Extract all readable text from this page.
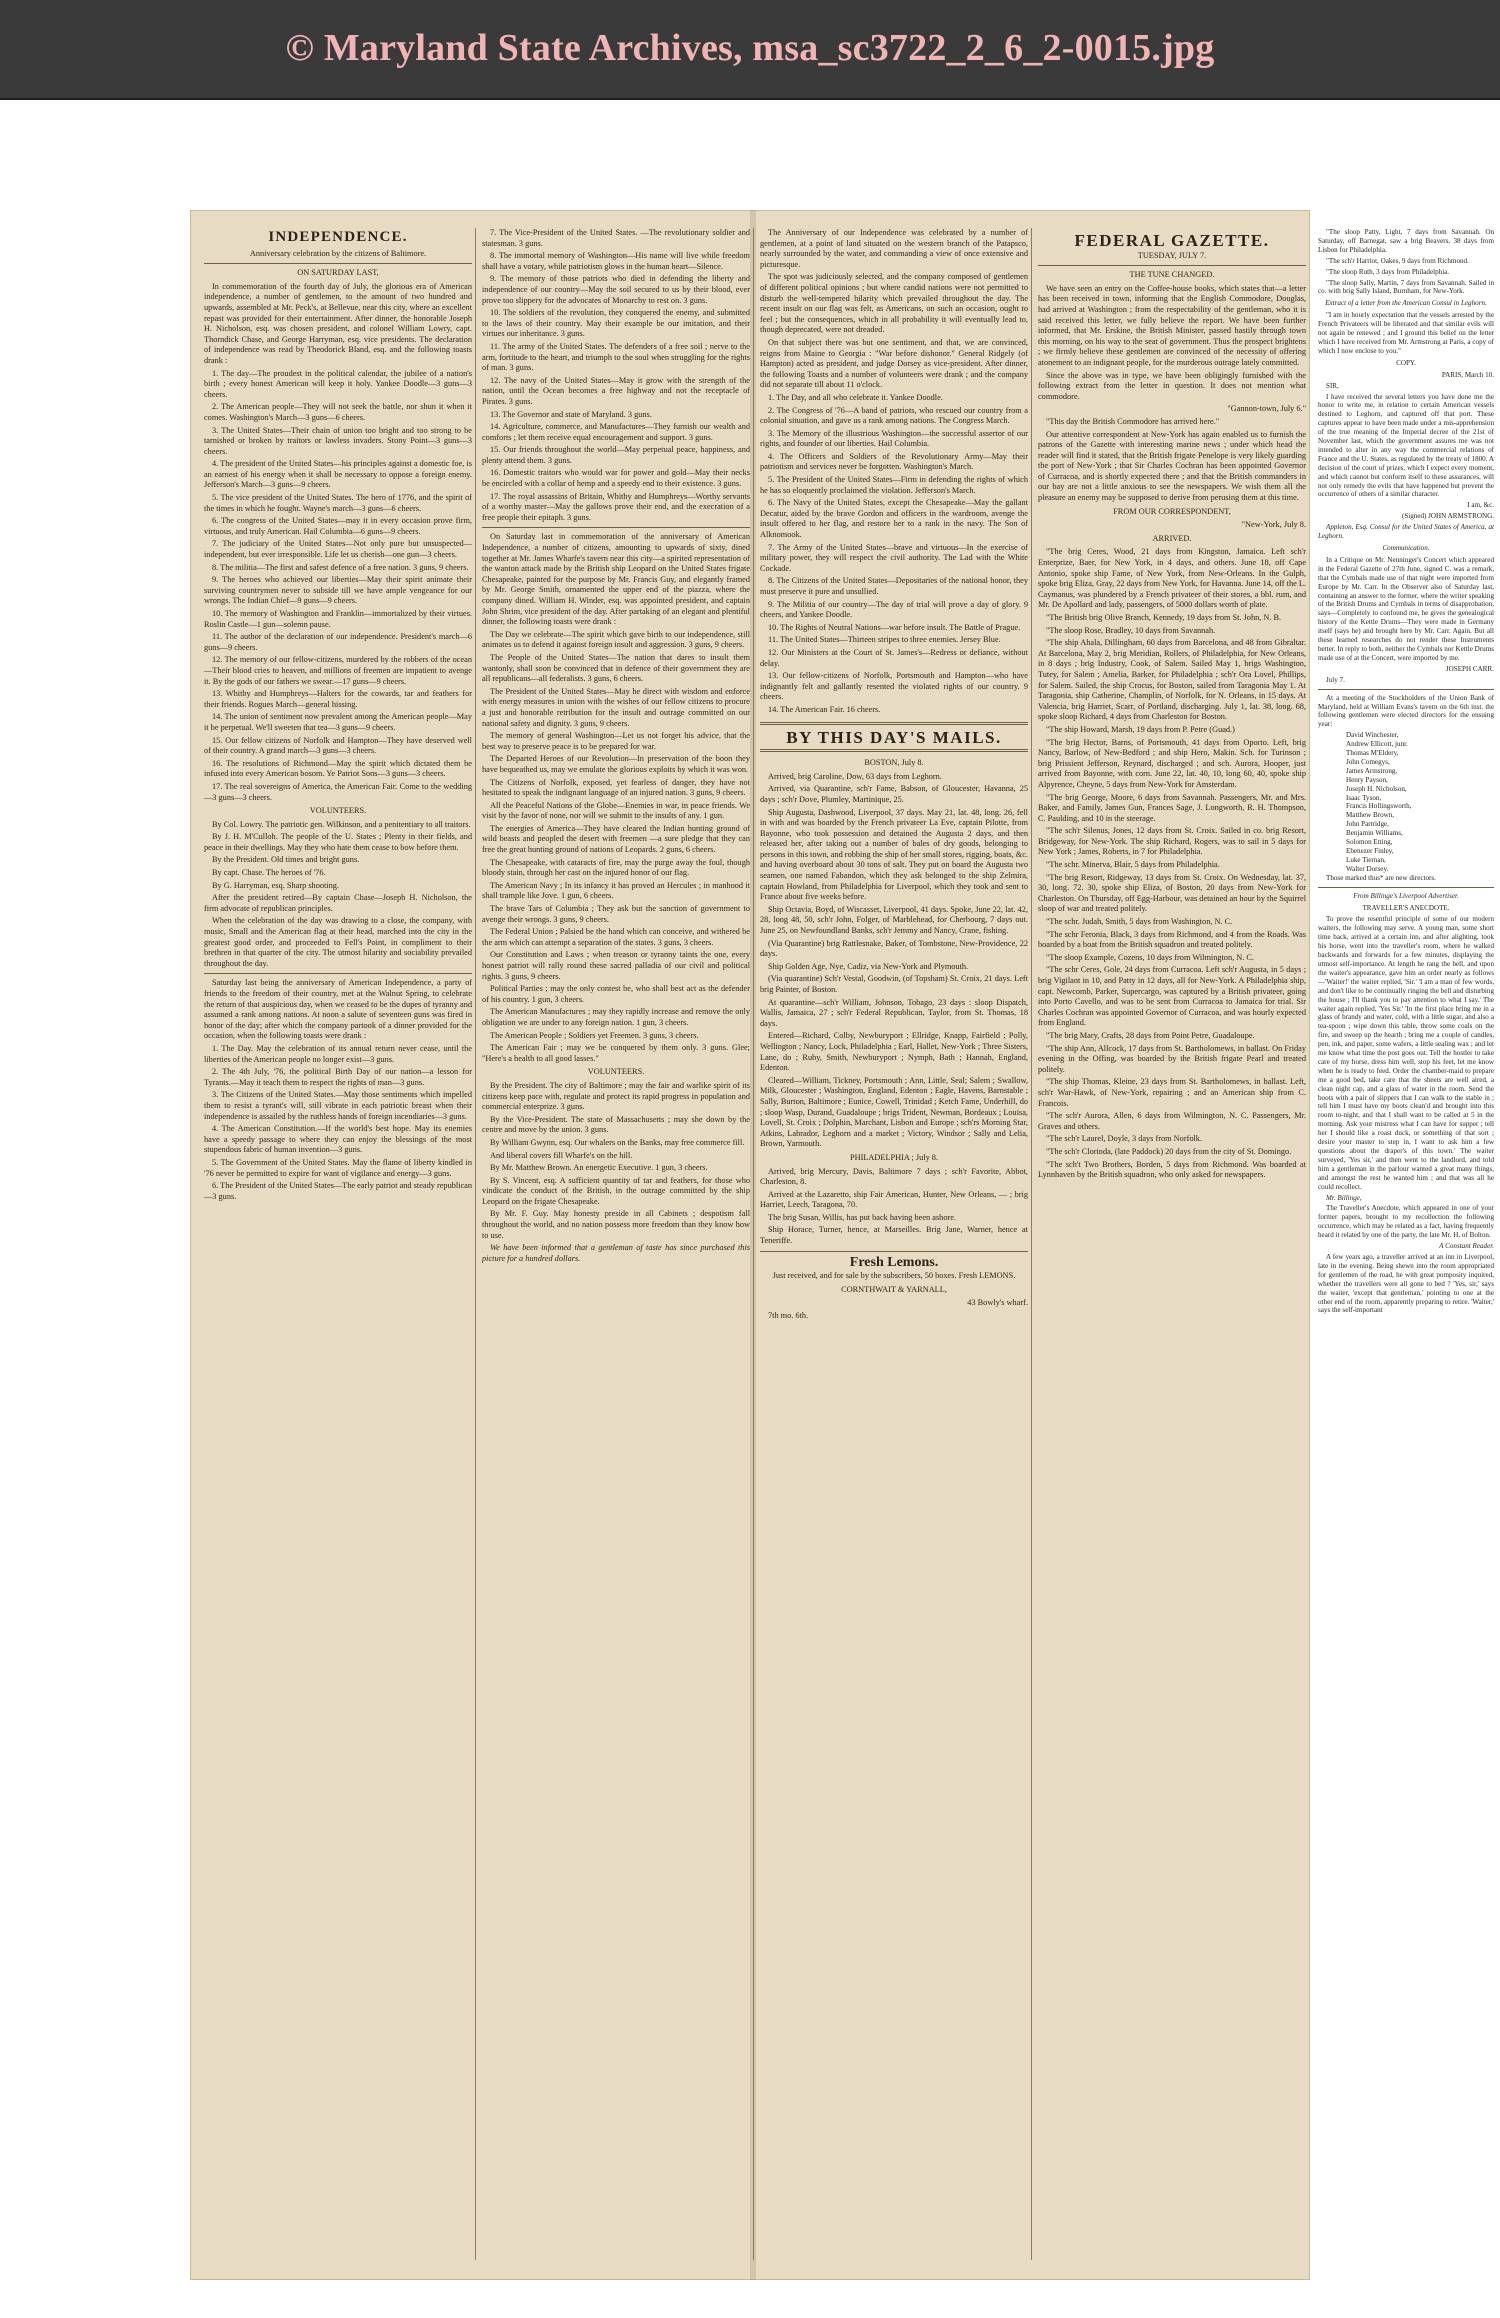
© Maryland State Archives, msa_sc3722_2_6_2-0015.jpg
INDEPENDENCE.

Anniversary celebration by the citizens of Baltimore.

ON SATURDAY LAST,

In commemoration of the fourth day of July, the glorious era of American independence, a number of gentlemen, to the amount of two hundred and upwards, assembled at Mr. Peck's, at Bellevue, near this city, where an excellent repast was provided for their entertainment. After dinner, the honorable Joseph H. Nicholson, esq. was chosen president, and colonel William Lowry, capt. Thorndick Chase, and George Harryman, esq. vice presidents. The declaration of independence was read by Theodorick Bland, esq. and the following toasts drank :

1. The day—The proudest in the political calendar, the jubilee of a nation's birth ; every honest American will keep it holy. Yankee Doodle—3 guns—3 cheers.

2. The American people—They will not seek the battle, nor shun it when it comes. Washington's March—3 guns—6 cheers.

3. The United States—Their chain of union too bright and too strong to be tarnished or broken by traitors or lawless invaders. Stony Point—3 guns—3 cheers.

4. The president of the United States—his principles against a domestic foe, is an earnest of his energy when it shall be necessary to oppose a foreign enemy. Jefferson's March—3 guns—9 cheers.

5. The vice president of the United States. The hero of 1776, and the spirit of the times in which he fought. Wayne's march—3 guns—6 cheers.

6. The congress of the United States—may it in every occasion prove firm, virtuous, and truly American. Hail Columbia—6 guns—9 cheers.

7. The judiciary of the United States—Not only pure but unsuspected—independent, but ever irresponsible. Life let us cherish—one gun—3 cheers.

8. The militia—The first and safest defence of a free nation. 3 guns, 9 cheers.

9. The heroes who achieved our liberties—May their spirit animate their surviving countrymen never to subside till we have ample vengeance for our wrongs. The Indian Chief—9 guns—9 cheers.

10. The memory of Washington and Franklin—immortalized by their virtues. Roslin Castle—1 gun—solemn pause.

11. The author of the declaration of our independence. President's march—6 guns—9 cheers.

12. The memory of our fellow-citizens, murdered by the robbers of the ocean—Their blood cries to heaven, and millions of freemen are impatient to avenge it. By the gods of our fathers we swear.—17 guns—9 cheers.

13. Whitby and Humphreys—Halters for the cowards, tar and feathers for their friends. Rogues March—general hissing.

14. The union of sentiment now prevalent among the American people—May it be perpetual. We'll sweeten that tea—3 guns—9 cheers.

15. Our fellow citizens of Norfolk and Hampton—They have deserved well of their country. A grand march—3 guns—3 cheers.

16. The resolutions of Richmond—May the spirit which dictated them be infused into every American bosom. Ye Patriot Sons—3 guns—3 cheers.

17. The real sovereigns of America, the American Fair. Come to the wedding—3 guns—3 cheers.

VOLUNTEERS.

By Col. Lowry. The patriotic gen. Wilkinson, and a penitentiary to all traitors.

By J. H. M'Culloh. The people of the U. States ; Plenty in their fields, and peace in their dwellings. May they who hate them cease to bow before them.

By the President. Old times and bright guns.

By capt. Chase. The heroes of '76.

By G. Harryman, esq. Sharp shooting.

After the president retired—By captain Chase—Joseph H. Nicholson, the firm advocate of republican principles.

When the celebration of the day was drawing to a close, the company, with music, Small and the American flag at their head, marched into the city in the greatest good order, and proceeded to Fell's Point, in compliment to their brethren in that quarter of the city. The utmost hilarity and sociability prevailed throughout the day.

Saturday last being the anniversary of American Independence, a party of friends to the freedom of their country, met at the Walnut Spring, to celebrate the return of that auspicious day, when we ceased to be the dupes of tyranny and assumed a rank among nations. At noon a salute of seventeen guns was fired in honor of the day; after which the company partook of a dinner provided for the occasion, when the following toasts were drank :

1. The Day. May the celebration of its annual return never cease, until the liberties of the American people no longer exist—3 guns.

2. The 4th July, '76, the political Birth Day of our nation—a lesson for Tyrants.—May it teach them to respect the rights of man—3 guns.

3. The Citizens of the United States.—May those sentiments which impelled them to resist a tyrant's will, still vibrate in each patriotic breast when their independence is assailed by the ruthless hands of foreign incendiaries—3 guns.

4. The American Constitution.—If the world's best hope. May its enemies have a speedy passage to where they can enjoy the blessings of the most stupendous fabric of human invention—3 guns.

5. The Government of the United States. May the flame of liberty kindled in '76 never be permitted to expire for want of vigilance and energy—3 guns.

6. The President of the United States—The early patriot and steady republican—3 guns.

7. The Vice-President of the United States. —The revolutionary soldier and statesman. 3 guns.

8. The immortal memory of Washington—His name will live while freedom shall have a votary, while patriotism glows in the human heart—Silence.

9. The memory of those patriots who died in defending the liberty and independence of our country—May the soil secured to us by their blood, ever prove too slippery for the advocates of Monarchy to rest on. 3 guns.

10. The soldiers of the revolution, they conquered the enemy, and submitted to the laws of their country. May their example be our imitation, and their virtues our inheritance. 3 guns.

11. The army of the United States. The defenders of a free soil ; nerve to the arm, fortitude to the heart, and triumph to the soul when struggling for the rights of man. 3 guns.

12. The navy of the United States—May it grow with the strength of the nation, until the Ocean becomes a free highway and not the receptacle of Pirates. 3 guns.

13. The Governor and state of Maryland. 3 guns.

14. Agriculture, commerce, and Manufactures—They furnish our wealth and comforts ; let them receive equal encouragement and support. 3 guns.

15. Our friends throughout the world—May perpetual peace, happiness, and plenty attend them. 3 guns.

16. Domestic traitors who would war for power and gold—May their necks be encircled with a collar of hemp and a speedy end to their existence. 3 guns.

17. The royal assassins of Britain, Whitby and Humphreys—Worthy servants of a worthy master—May the gallows prove their end, and the execration of a free people their epitaph. 3 guns.

On Saturday last in commemoration of the anniversary of American Independence, a number of citizens, amounting to upwards of sixty, dined together at Mr. James Wharfe's tavern near this city—a spirited representation of the wanton attack made by the British ship Leopard on the United States frigate Chesapeake, painted for the purpose by Mr. Francis Guy, and elegantly framed by Mr. George Smith, ornamented the upper end of the piazza, where the company dined. William H. Winder, esq. was appointed president, and captain John Shrim, vice president of the day. After partaking of an elegant and plentiful dinner, the following toasts were drank :

The Day we celebrate—The spirit which gave birth to our independence, still animates us to defend it against foreign insult and aggression. 3 guns, 9 cheers.

The People of the United States—The nation that dares to insult them wantonly, shall soon be convinced that in defence of their government they are all republicans—all federalists. 3 guns, 6 cheers.

The President of the United States—May he direct with wisdom and enforce with energy measures in union with the wishes of our fellow citizens to procure a just and honorable retribution for the insult and outrage committed on our national safety and dignity. 3 guns, 9 cheers.

The memory of general Washington—Let us not forget his advice, that the best way to preserve peace is to be prepared for war.

The Departed Heroes of our Revolution—In preservation of the boon they have bequeathed us, may we emulate the glorious exploits by which it was won.

The Citizens of Norfolk, exposed, yet fearless of danger, they have not hesitated to speak the indignant language of an injured nation. 3 guns, 9 cheers.

All the Peaceful Nations of the Globe—Enemies in war, in peace friends. We visit by the favor of none, nor will we submit to the insults of any. 1 gun.

The energies of America—They have cleared the Indian hunting ground of wild beasts and peopled the desert with freemen —a sure pledge that they can free the great hunting ground of nations of Leopards. 2 guns, 6 cheers.

The Chesapeake, with cataracts of fire, may the purge away the foul, though bloody stain, through her cast on the injured honor of our flag.

The American Navy ; In its infancy it has proved an Hercules ; in manhood it shall trample like Jove. 1 gun, 6 cheers.

The brave Tars of Columbia ; They ask but the sanction of government to avenge their wrongs. 3 guns, 9 cheers.

The Federal Union ; Palsied be the hand which can conceive, and withered be the arm which can attempt a separation of the states. 3 guns, 3 cheers.

Our Constitution and Laws ; when treason or tyranny taints the one, every honest patriot will rally round these sacred palladia of our civil and political rights. 3 guns, 9 cheers.

Political Parties ; may the only contest be, who shall best act as the defender of his country. 1 gun, 3 cheers.

The American Manufactures ; may they rapidly increase and remove the only obligation we are under to any foreign nation. 1 gun, 3 cheers.

The American People ; Soldiers yet Freemen. 3 guns, 3 cheers.

The American Fair ; may we be conquered by them only. 3 guns. Glee; "Here's a health to all good lasses."

VOLUNTEERS.

By the President. The city of Baltimore ; may the fair and warlike spirit of its citizens keep pace with, regulate and protect its rapid progress in population and commercial enterprize. 3 guns.

By the Vice-President. The state of Massachusetts ; may she down by the centre and move by the union. 3 guns.

By William Gwynn, esq. Our whalers on the Banks, may free commerce fill.

And liberal covers fill Wharfe's on the hill.

By Mr. Matthew Brown. An energetic Executive. 1 gun, 3 cheers.

By S. Vincent, esq. A sufficient quantity of tar and feathers, for those who vindicate the conduct of the British, in the outrage committed by the ship Leopard on the frigate Chesapeake.

By Mr. F. Guy. May honesty preside in all Cabinets ; despotism fall throughout the world, and no nation possess more freedom than they know how to use.

We have been informed that a gentleman of taste has since purchased this picture for a hundred dollars.

The Anniversary of our Independence was celebrated by a number of gentlemen, at a point of land situated on the western branch of the Patapsco, nearly surrounded by the water, and commanding a view of once extensive and picturesque.

The spot was judiciously selected, and the company composed of gentlemen of different political opinions ; but where candid nations were not permitted to disturb the well-tempered hilarity which prevailed throughout the day. The recent insult on our flag was felt, as Americans, on such an occasion, ought to feel ; but the consequences, which in all probability it will eventually lead to, though deprecated, were not dreaded.

On that subject there was but one sentiment, and that, we are convinced, reigns from Maine to Georgia : "War before dishonor." General Ridgely (of Hampton) acted as president, and judge Dorsey as vice-president. After dinner, the following Toasts and a number of volunteers were drank ; and the company did not separate till about 11 o'clock.

1. The Day, and all who celebrate it. Yankee Doodle.

2. The Congress of '76—A band of patriots, who rescued our country from a colonial situation, and gave us a rank among nations. The Congress March.

3. The Memory of the illustrious Washington—the successful assertor of our rights, and founder of our liberties. Hail Columbia.

4. The Officers and Soldiers of the Revolutionary Army—May their patriotism and services never be forgotten. Washington's March.

5. The President of the United States—Firm in defending the rights of which he has so eloquently proclaimed the violation. Jefferson's March.

6. The Navy of the United States, except the Chesapeake—May the gallant Decatur, aided by the brave Gordon and officers in the wardroom, avenge the insult offered to her flag, and restore her to a rank in the navy. The Son of Alknomook.

7. The Army of the United States—brave and virtuous—In the exercise of military power, they will respect the civil authority. The Lad with the White Cockade.

8. The Citizens of the United States—Depositaries of the national honor, they must preserve it pure and unsullied.

9. The Militia of our country—The day of trial will prove a day of glory. 9 cheers, and Yankee Doodle.

10. The Rights of Neutral Nations—war before insult. The Battle of Prague.

11. The United States—Thirteen stripes to three enemies. Jersey Blue.

12. Our Ministers at the Court of St. James's—Redress or defiance, without delay.

13. Our fellow-citizens of Norfolk, Portsmouth and Hampton—who have indignantly felt and gallantly resented the violated rights of our country. 9 cheers.

14. The American Fair. 16 cheers.

BY THIS DAY'S MAILS.

BOSTON, July 8.

Arrived, brig Caroline, Dow, 63 days from Leghorn.

Arrived, via Quarantine, sch'r Fame, Babson, of Gloucester, Havanna, 25 days ; sch'r Dove, Plumley, Martinique, 25.

Ship Augusta, Dashwood, Liverpool, 37 days. May 21, lat. 48, long. 26, fell in with and was boarded by the French privateer La Eve, captain Pilotte, from Bayonne, who took possession and detained the Augusta 2 days, and then released her, after taking out a number of bales of dry goods, belonging to persons in this town, and robbing the ship of her small stores, rigging, boats, &c. and having overboard about 30 tons of salt. They put on board the Augusta two seamen, one named Fabandon, which they ask belonged to the ship Zelmira, captain Howland, from Philadelphia for Liverpool, which they took and sent to France about five weeks before.

Ship Octavia, Boyd, of Wiscasset, Liverpool, 41 days. Spoke, June 22, lat. 42, 28, long 48, 50, sch'r John, Folger, of Marblehead, for Cherbourg, 7 days out. June 25, on Newfoundland Banks, sch'r Jemmy and Nancy, Crane, fishing.

(Via Quarantine) brig Rattlesnake, Baker, of Tombstone, New-Providence, 22 days.

Ship Golden Age, Nye, Cadiz, via New-York and Plymouth.

(Via quarantine) Sch'r Vestal, Goodwin, (of Topsham) St. Croix, 21 days. Left brig Painter, of Boston.

At quarantine—sch'r William, Johnson, Tobago, 23 days : sloop Dispatch, Wallis, Jamaica, 27 ; sch'r Federal Republican, Taylor, from St. Thomas, 18 days.

Entered—Richard, Colby, Newburyport ; Ellridge, Knapp, Fairfield ; Polly, Wellington ; Nancy, Lock, Philadelphia ; Earl, Hallet, New-York ; Three Sisters, Lane, do ; Ruby, Smith, Newburyport ; Nymph, Bath ; Hannah, England, Edenton.

Cleared—William, Tickney, Portsmouth ; Ann, Little, Seal; Salem ; Swallow, Milk, Gloucester ; Washington, England, Edenton ; Eagle, Havens, Barnstable ; Sally, Burton, Baltimore ; Eunice, Cowell, Trinidad ; Ketch Fame, Underhill, do ; sloop Wasp, Durand, Guadaloupe ; brigs Trident, Newman, Bordeaux ; Louisa, Lovell, St. Croix ; Dolphin, Marchant, Lisbon and Europe ; sch'rs Morning Star, Atkins, Labrador, Leghorn and a market ; Victory, Windsor ; Sally and Lelia, Brown, Yarmouth.

PHILADELPHIA ; July 8.

Arrived, brig Mercury, Davis, Baltimore 7 days ; sch'r Favorite, Abbot, Charleston, 8.

Arrived at the Lazaretto, ship Fair American, Hunter, New Orleans, — ; brig Harriet, Leech, Taragona, 70.

The brig Susan, Willis, has put back having been ashore.

Ship Horace, Turner, hence, at Marseilles. Brig Jane, Warner, hence at Teneriffe.

Fresh Lemons.

Just received, and for sale by the subscribers, 50 boxes. Fresh LEMONS.

CORNTHWAIT & YARNALL,

43 Bowly's wharf.

7th mo. 6th.

FEDERAL GAZETTE.

TUESDAY, JULY 7.

THE TUNE CHANGED.

We have seen an entry on the Coffee-house books, which states that—a letter has been received in town, informing that the English Commodore, Douglas, had arrived at Washington ; from the respectability of the gentleman, who it is said received this letter, we fully believe the report. We have been further informed, that Mr. Erskine, the British Minister, passed hastily through town this morning, on his way to the seat of government. Thus the prospect brightens ; we firmly believe these gentlemen are convinced of the necessity of offering atonement to an indignant people, for the murderous outrage lately committed.

Since the above was in type, we have been obligingly furnished with the following extract from the letter in question. It does not mention what commodore.

"Gannon-town, July 6."

"This day the British Commodore has arrived here."

Our attentive correspondent at New-York has again enabled us to furnish the patrons of the Gazette with interesting marine news ; under which head the reader will find it stated, that the British frigate Penelope is very likely guarding the port of New-York ; that Sir Charles Cochran has been appointed Governor of Curracoa, and is shortly expected there ; and that the British commanders in our bay are not a little anxious to see the newspapers. We wish them all the pleasure an enemy may be supposed to derive from perusing them at this time.

FROM OUR CORRESPONDENT,

"New-York, July 8.

ARRIVED.

"The brig Ceres, Wood, 21 days from Kingston, Jamaica. Left sch'r Enterprize, Baer, for New York, in 4 days, and others. June 18, off Cape Antonio, spoke ship Fame, of New York, from New-Orleans. In the Gulph, spoke brig Eliza, Gray, 22 days from New York, for Havanna. June 14, off the L. Caymanus, was plundered by a French privateer of their stores, a bbl. rum, and Mr. De Apollard and lady, passengers, of 5000 dollars worth of plate.

"The British brig Olive Branch, Kennedy, 19 days from St. John, N. B.

"The sloop Rose, Bradley, 10 days from Savannah.

"The ship Ahala, Dillingham, 60 days from Barcelona, and 48 from Gibraltar. At Barcelona, May 2, brig Meridian, Rollers, of Philadelphia, for New Orleans, in 8 days ; brig Industry, Cook, of Salem. Sailed May 1, brigs Washington, Tutey, for Salem ; Amelia, Barker, for Philadelphia ; sch'r Ora Lovel, Phillips, for Salem. Sailed, the ship Crocus, for Boston, sailed from Taragonia May 1. At Taragonia, ship Catherine, Champlin, of Norfolk, for N. Orleans, in 15 days. At Valencia, brig Harriet, Scarr, of Portland, discharging. July 1, lat. 38, long. 68, spoke sloop Richard, 4 days from Charleston for Boston.

"The ship Howard, Marsh, 19 days from P. Petre (Guad.)

"The brig Hector, Barns, of Portsmouth, 41 days from Oporto. Left, brig Nancy, Barlow, of New-Bedford ; and ship Hero, Makin. Sch. for Turinson ; brig Prissient Jefferson, Reynard, discharged ; and sch. Aurora, Hooper, just arrived from Bayonne, with corn. June 22, lat. 40, 10, long 60, 40, spoke ship Alpyrence, Cheyne, 5 days from New-York for Amsterdam.

"The brig George, Moore, 6 days from Savannah. Passengers, Mr. and Mrs. Baker, and Family, James Gun, Frances Sage, J. Longworth, R. H. Thompson, C. Paulding, and 10 in the steerage.

"The sch'r Silenus, Jones, 12 days from St. Croix. Sailed in co. brig Resort, Bridgeway, for New-York. The ship Richard, Rogers, was to sail in 5 days for New York ; James, Roberts, in 7 for Philadelphia.

"The schr. Minerva, Blair, 5 days from Philadelphia.

"The brig Resort, Ridgeway, 13 days from St. Croix. On Wednesday, lat. 37, 30, long. 72. 30, spoke ship Eliza, of Boston, 20 days from New-York for Charleston. On Thursday, off Egg-Harbour, was detained an hour by the Squirrel sloop of war and treated politely.

"The schr. Judah, Smith, 5 days from Washington, N. C.

"The schr Feronia, Black, 3 days from Richmond, and 4 from the Roads. Was boarded by a boat from the British squadron and treated politely.

"The sloop Example, Cozens, 10 days from Wilmington, N. C.

"The schr Ceres, Gole, 24 days from Curracoa. Left sch'r Augusta, in 5 days ; brig Vigilant in 10, and Patty in 12 days, all for New-York. A Philadelphia ship, capt. Newcomb, Parker, Supercargo, was captured by a British privateer, going into Porto Cavello, and was to be sent from Curracoa to Jamaica for trial. Sir Charles Cochran was appointed Governor of Curracoa, and was hourly expected from England.

"The brig Mary, Crafts, 28 days from Point Petre, Guadaloupe.

"The ship Ann, Allcock, 17 days from St. Bartholomews, in ballast. On Friday evening in the Offing, was boarded by the British frigate Pearl and treated politely.

"The ship Thomas, Kleine, 23 days from St. Bartholomews, in ballast. Left, sch'r War-Hawk, of New-York, repairing ; and an American ship from C. Francois.

"The sch'r Aurora, Allen, 6 days from Wilmington, N. C. Passengers, Mr. Graves and others.

"The sch'r Laurel, Doyle, 3 days from Norfolk.

"The sch'r Clorinda, (late Paddock) 20 days from the city of St. Domingo.

"The sch't Two Brothers, Borden, 5 days from Richmond. Was boarded at Lynnhaven by the British squadron, who only asked for newspapers.

"The sloop Patty, Light, 7 days from Savannah. On Saturday, off Barnegat, saw a brig Beavers, 38 days from Lisbon for Philadelphia.

"The sch'r Harriot, Oakes, 9 days from Richmond.

"The sloop Ruth, 3 days from Philadelphia.

"The sloop Sally, Martin, 7 days from Savannah. Sailed in co. with brig Sally Island, Burnham, for New-York.

Extract of a letter from the American Consul in Leghorn.

"I am in hourly expectation that the vessels arrested by the French Privateers will be liberated and that similar evils will not again be renewed ; and I ground this belief on the letter which I have received from Mr. Armstrong at Paris, a copy of which I now enclose to you."

COPY.

PARIS, March 10.

SIR,

I have received the several letters you have done me the honor to write me, in relation to certain American vessels destined to Leghorn, and captured off that port. These captures appear to have been made under a mis-apprehension of the true meaning of the Imperial decree of the 21st of November last, which the government assures me was not intended to alter in any way the commercial relations of France and the U. States, as regulated by the treaty of 1800. A decision of the court of prizes, which I expect every moment, and which cannot but conform itself to these assurances, will not only remedy the evils that have happened but prevent the occurrence of others of a similar character.

I am, &c.

(Signed) JOHN ARMSTRONG.

Appleton, Esq. Consul for the United States of America, at Leghorn.

Communication.

In a Critique on Mr. Nenninger's Concert which appeared in the Federal Gazette of 27th June, signed C. was a remark, that the Cymbals made use of that night were imported from Europe by Mr. Carr. In the Observer also of Saturday last, containing an answer to the former, where the writer speaking of the British Drums and Cymbals in terms of disapprobation, says—Completely to confound me, he gives the genealogical history of the Kettle Drums—They were made in Germany itself (says he) and brought here by Mr. Carr. Again. But all these learned researches do not render these Instruments better. In reply to both, neither the Cymbals nor Kettle Drums made use of at the Concert, were imported by me.

JOSEPH CARR.

July 7.

At a meeting of the Stockholders of the Union Bank of Maryland, held at William Evans's tavern on the 6th inst. the following gentlemen were elected directors for the ensuing year:

David Winchester,
Andrew Ellicott, junr.
Thomas M'Eldery,
John Comegys,
James Armstrong,
Henry Payson,
Joseph H. Nicholson,
Isaac Tyson,
Francis Hollingsworth,
Matthew Brown,
John Partridge,
Benjamin Williams,
Solomon Etting,
Ebenezer Finley,
Luke Tiernan,
Walter Dorsey.

Those marked thus* are new directors.

From Billinge's Liverpool Advertiser.

TRAVELLER'S ANECDOTE.

To prove the resentful principle of some of our modern waiters, the following may serve. A young man, some short time back, arrived at a certain inn, and after alighting, took his horse, went into the traveller's room, where he walked backwards and forwards for a few minutes, displaying the utmost self-importance. At length he rang the bell, and upon the waiter's appearance, gave him an order nearly as follows—'Waiter!' the waiter replied, 'Sir.' 'I am a man of few words, and don't like to be continually ringing the bell and disturbing the house ; I'll thank you to pay attention to what I say.' The waiter again replied, 'Yes Sir.' 'In the first place bring me in a glass of brandy and water, cold, with a little sugar, and also a tea-spoon ; wipe down this table, throw some coals on the fire, and sweep up the hearth ; bring me a couple of candles, pen, ink, and paper, some wafers, a little sealing wax ; and let me know what time the post goes out. Tell the hostler to take care of my horse, dress him well, stop his feet, let me know when he is ready to feed. Order the chamber-maid to prepare me a good bed, take care that the sheets are well aired, a clean night cap, and a glass of water in the room. Send the boots with a pair of slippers that I can walk to the stable in ; tell him I must have my boots clean'd and brought into this room to-night, and that I shall want to be called at 5 in the morning. Ask your mistress what I can have for supper ; tell her I should like a roast duck, or something of that sort ; desire your master to step in, I want to ask him a few questions about the draper's of this town.' The waiter surveyed, 'Yes sir,' and then went to the landlord, and told him a gentleman in the parlour wanted a great many things, and amongst the rest he wanted him ; and that was all he could recollect.

Mr. Billinge,

The Traveller's Anecdote, which appeared in one of your former papers, brought to my recollection the following occurrence, which may be related as a fact, having frequently heard it related by one of the party, the late Mr. H. of Bolton.

A Constant Reader.

A few years ago, a traveller arrived at an inn in Liverpool, late in the evening. Being shewn into the room appropriated for gentlemen of the road, he with great pomposity inquired, whether the travellers were all gone to bed ? 'Yes, sir,' says the waiter, 'except that gentleman,' pointing to one at the other end of the room, apparently preparing to retire. 'Waiter,' says the self-important
